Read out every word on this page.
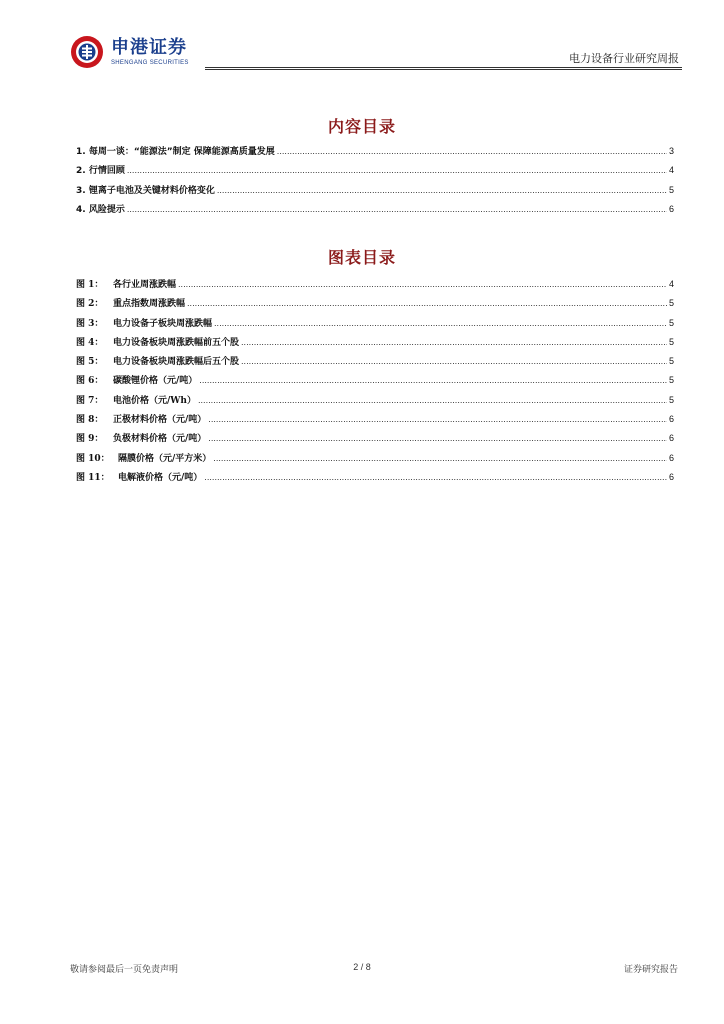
申港证券
SHENGANG SECURITIES	电力设备行业研究周报
内容目录
1. 每周一谈：“能源法”制定 保障能源高质量发展 .....	3
2. 行情回顾 .....	4
3. 锂离子电池及关键材料价格变化 .....	5
4. 风险提示 .....	6
图表目录
图 1： 各行业周涨跌幅 .....	4
图 2： 重点指数周涨跌幅 .....	5
图 3： 电力设备子板块周涨跌幅 .....	5
图 4： 电力设备板块周涨跌幅前五个股 .....	5
图 5： 电力设备板块周涨跌幅后五个股 .....	5
图 6： 碳酸锂价格（元/吨） .....	5
图 7： 电池价格（元/Wh） .....	5
图 8： 正极材料价格（元/吨） .....	6
图 9： 负极材料价格（元/吨） .....	6
图 10： 隔膜价格（元/平方米） .....	6
图 11： 电解液价格（元/吨） .....	6
敬请参阅最后一页免责声明	2 / 8	证券研究报告
